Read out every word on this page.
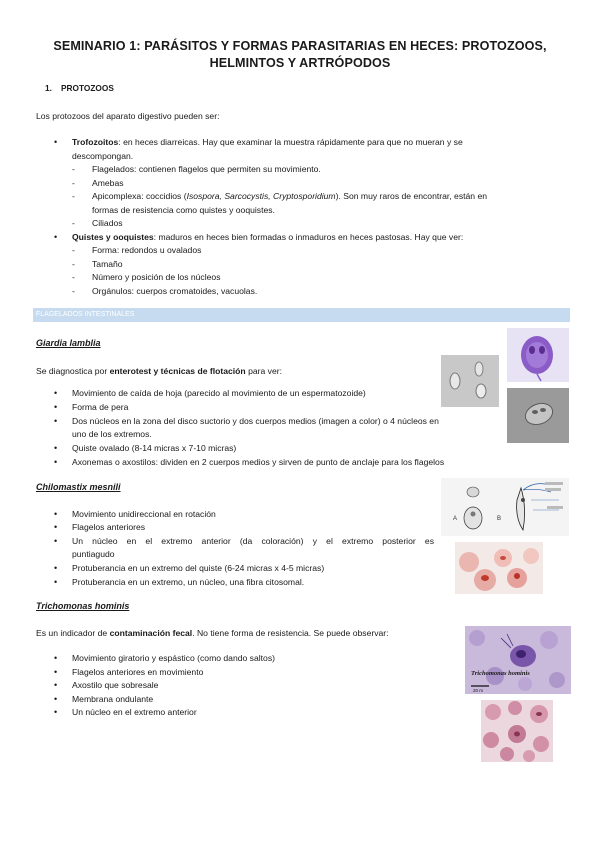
SEMINARIO 1: PARÁSITOS Y FORMAS PARASITARIAS EN HECES: PROTOZOOS,
HELMINTOS Y ARTRÓPODOS
1. PROTOZOOS
Los protozoos del aparato digestivo pueden ser:
• Trofozoitos: en heces diarreicas. Hay que examinar la muestra rápidamente para que no mueran y se
descompongan.
- Flagelados: contienen flagelos que permiten su movimiento.
- Amebas
- Apicomplexa: coccidios (Isospora, Sarcocystis, Cryptosporidium). Son muy raros de encontrar, están en
formas de resistencia como quistes y ooquistes.
- Ciliados
• Quistes y ooquistes: maduros en heces bien formadas o inmaduros en heces pastosas. Hay que ver:
- Forma: redondos u ovalados
- Tamaño
- Número y posición de los núcleos
- Orgánulos: cuerpos cromatoides, vacuolas.
FLAGELADOS INTESTINALES
Giardia lamblia
Se diagnostica por enterotest y técnicas de flotación para ver:
• Movimiento de caída de hoja (parecido al movimiento de un espermatozoide)
• Forma de pera
• Dos núcleos en la zona del disco suctorio y dos cuerpos medios (imagen a color) o 4 núcleos en
uno de los extremos.
• Quiste ovalado (8-14 micras x 7-10 micras)
• Axonemas o axostilos: dividen en 2 cuerpos medios y sirven de punto de anclaje para los flagelos
Chilomastix mesnili
• Movimiento unidireccional en rotación
• Flagelos anteriores
• Un núcleo en el extremo anterior (da coloración) y el extremo posterior es
puntiagudo
• Protuberancia en un extremo del quiste (6-24 micras x 4-5 micras)
• Protuberancia en un extremo, un núcleo, una fibra citosomal.
A	B
Trichomonas hominis
Es un indicador de contaminación fecal. No tiene forma de resistencia. Se puede observar:
• Movimiento giratorio y espástico (como dando saltos)
• Flagelos anteriores en movimiento
• Axostilo que sobresale
• Membrana ondulante
• Un núcleo en el extremo anterior
Trichomonas hominis
20 m
